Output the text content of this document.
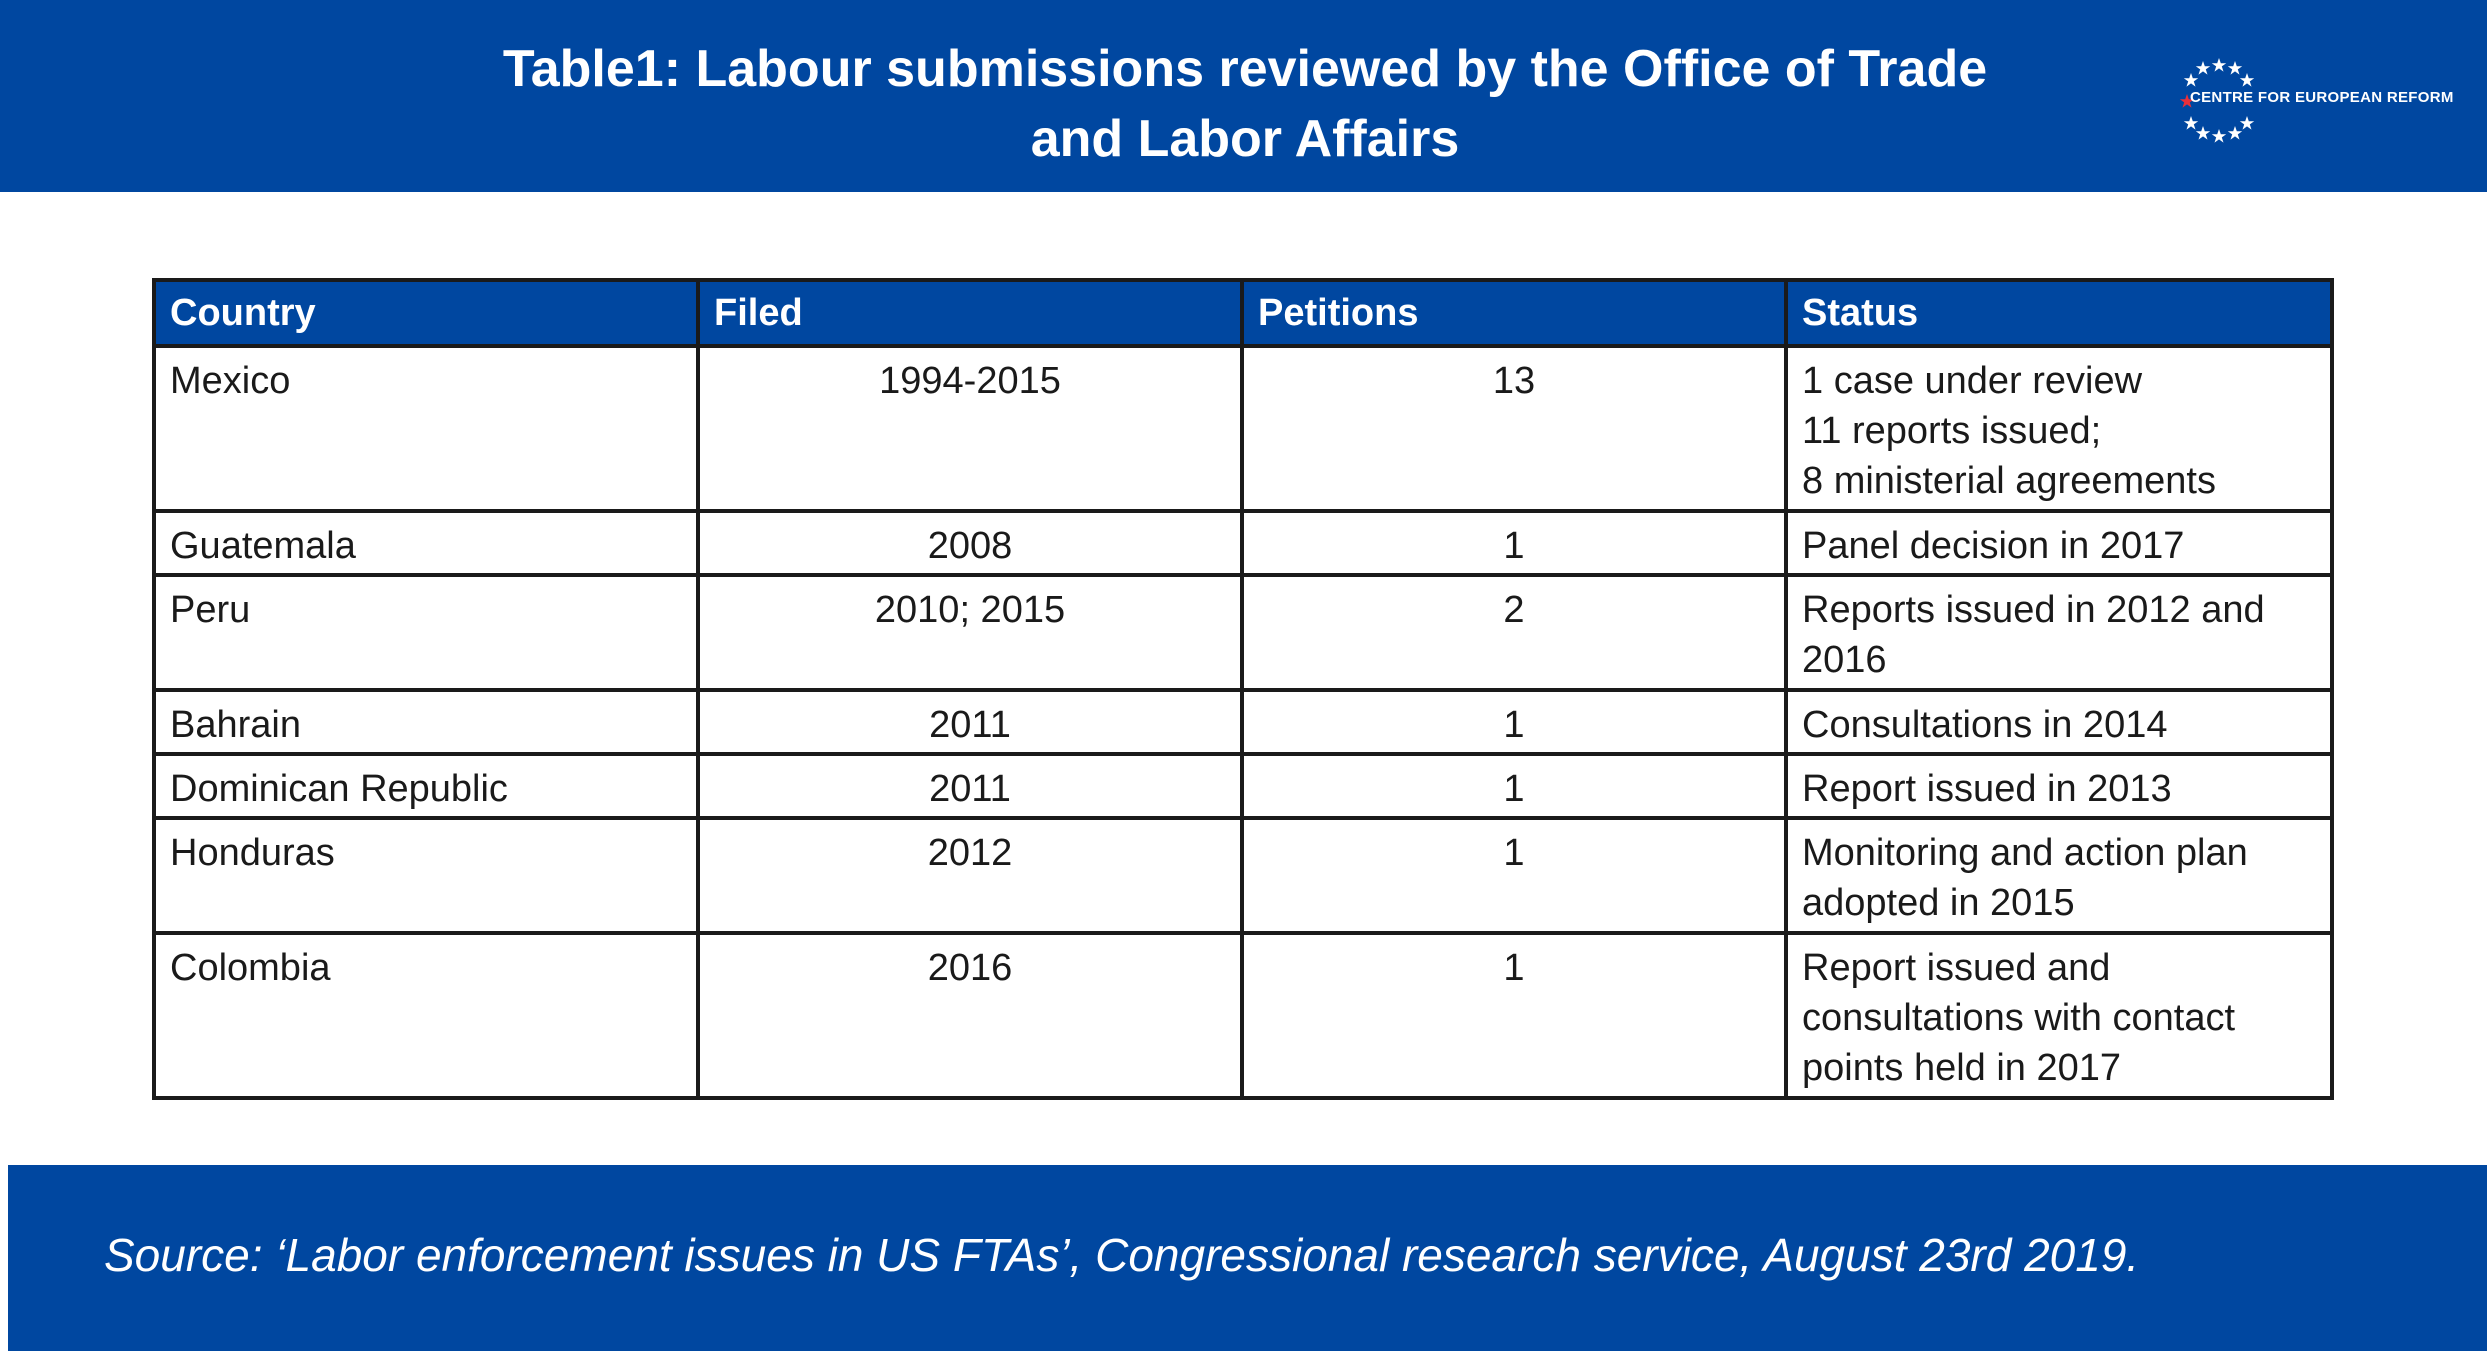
Table1: Labour submissions reviewed by the Office of Trade
and Labor Affairs
CENTRE FOR EUROPEAN REFORM
Country	Filed	Petitions	Status
Mexico	1994-2015	13	1 case under review
11 reports issued;
8 ministerial agreements

Guatemala	2008	1	Panel decision in 2017

Peru	2010; 2015	2	Reports issued in 2012 and
2016

Bahrain	2011	1	Consultations in 2014

Dominican Republic	2011	1	Report issued in 2013

Honduras	2012	1	Monitoring and action plan
adopted in 2015

Colombia	2016	1	Report issued and
consultations with contact
points held in 2017
Source: ‘Labor enforcement issues in US FTAs’, Congressional research service, August 23rd 2019.
